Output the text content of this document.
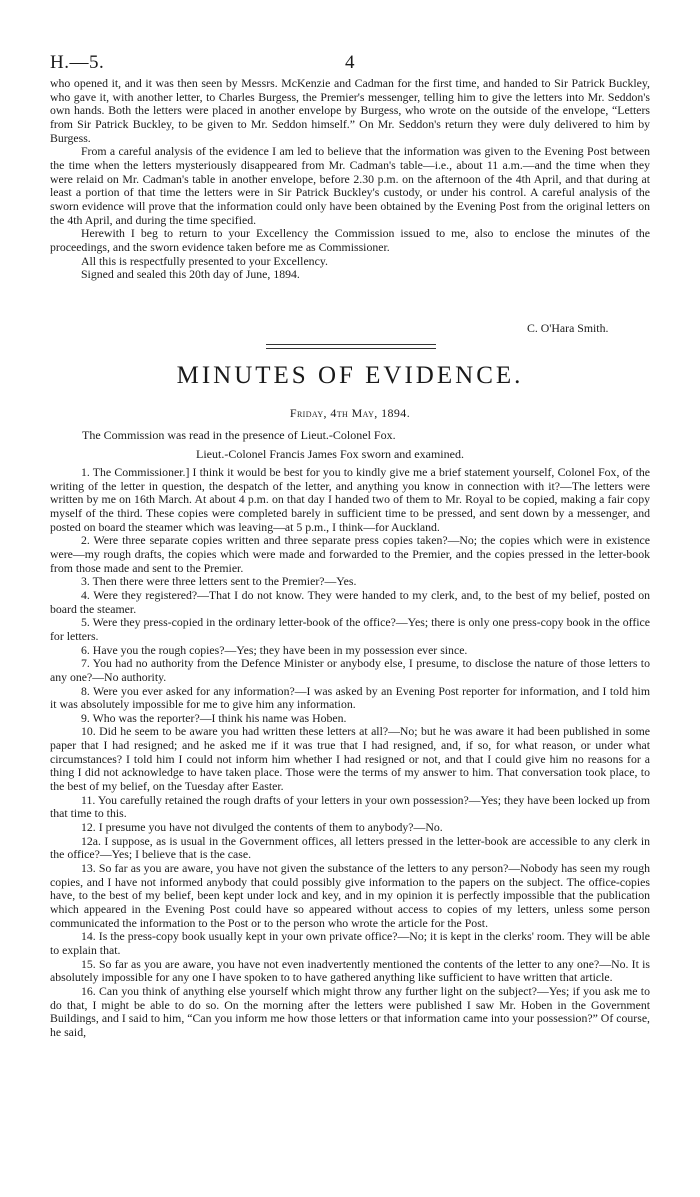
H.—5.	4

who opened it, and it was then seen by Messrs. McKenzie and Cadman for the first time, and handed to Sir Patrick Buckley, who gave it, with another letter, to Charles Burgess, the Premier's messenger, telling him to give the letters into Mr. Seddon's own hands. Both the letters were placed in another envelope by Burgess, who wrote on the outside of the envelope, “Letters from Sir Patrick Buckley, to be given to Mr. Seddon himself.” On Mr. Seddon's return they were duly delivered to him by Burgess.

From a careful analysis of the evidence I am led to believe that the information was given to the Evening Post between the time when the letters mysteriously disappeared from Mr. Cadman's table—i.e., about 11 a.m.—and the time when they were relaid on Mr. Cadman's table in another envelope, before 2.30 p.m. on the afternoon of the 4th April, and that during at least a portion of that time the letters were in Sir Patrick Buckley's custody, or under his control. A careful analysis of the sworn evidence will prove that the information could only have been obtained by the Evening Post from the original letters on the 4th April, and during the time specified.

Herewith I beg to return to your Excellency the Commission issued to me, also to enclose the minutes of the proceedings, and the sworn evidence taken before me as Commissioner.

All this is respectfully presented to your Excellency.

Signed and sealed this 20th day of June, 1894.

C. O'Hara Smith.
MINUTES OF EVIDENCE.
Friday, 4th May, 1894.
The Commission was read in the presence of Lieut.-Colonel Fox.
Lieut.-Colonel Francis James Fox sworn and examined.

1. The Commissioner.] I think it would be best for you to kindly give me a brief statement yourself, Colonel Fox, of the writing of the letter in question, the despatch of the letter, and anything you know in connection with it?—The letters were written by me on 16th March. At about 4 p.m. on that day I handed two of them to Mr. Royal to be copied, making a fair copy myself of the third. These copies were completed barely in sufficient time to be pressed, and sent down by a messenger, and posted on board the steamer which was leaving—at 5 p.m., I think—for Auckland.

2. Were three separate copies written and three separate press copies taken?—No; the copies which were in existence were—my rough drafts, the copies which were made and forwarded to the Premier, and the copies pressed in the letter-book from those made and sent to the Premier.

3. Then there were three letters sent to the Premier?—Yes.

4. Were they registered?—That I do not know. They were handed to my clerk, and, to the best of my belief, posted on board the steamer.

5. Were they press-copied in the ordinary letter-book of the office?—Yes; there is only one press-copy book in the office for letters.

6. Have you the rough copies?—Yes; they have been in my possession ever since.

7. You had no authority from the Defence Minister or anybody else, I presume, to disclose the nature of those letters to any one?—No authority.

8. Were you ever asked for any information?—I was asked by an Evening Post reporter for information, and I told him it was absolutely impossible for me to give him any information.

9. Who was the reporter?—I think his name was Hoben.

10. Did he seem to be aware you had written these letters at all?—No; but he was aware it had been published in some paper that I had resigned; and he asked me if it was true that I had resigned, and, if so, for what reason, or under what circumstances? I told him I could not inform him whether I had resigned or not, and that I could give him no reasons for a thing I did not acknowledge to have taken place. Those were the terms of my answer to him. That conversation took place, to the best of my belief, on the Tuesday after Easter.

11. You carefully retained the rough drafts of your letters in your own possession?—Yes; they have been locked up from that time to this.

12. I presume you have not divulged the contents of them to anybody?—No.

12a. I suppose, as is usual in the Government offices, all letters pressed in the letter-book are accessible to any clerk in the office?—Yes; I believe that is the case.

13. So far as you are aware, you have not given the substance of the letters to any person?—Nobody has seen my rough copies, and I have not informed anybody that could possibly give information to the papers on the subject. The office-copies have, to the best of my belief, been kept under lock and key, and in my opinion it is perfectly impossible that the publication which appeared in the Evening Post could have so appeared without access to copies of my letters, unless some person communicated the information to the Post or to the person who wrote the article for the Post.

14. Is the press-copy book usually kept in your own private office?—No; it is kept in the clerks' room. They will be able to explain that.

15. So far as you are aware, you have not even inadvertently mentioned the contents of the letter to any one?—No. It is absolutely impossible for any one I have spoken to to have gathered anything like sufficient to have written that article.

16. Can you think of anything else yourself which might throw any further light on the subject?—Yes; if you ask me to do that, I might be able to do so. On the morning after the letters were published I saw Mr. Hoben in the Government Buildings, and I said to him, “Can you inform me how those letters or that information came into your possession?” Of course, he said,
